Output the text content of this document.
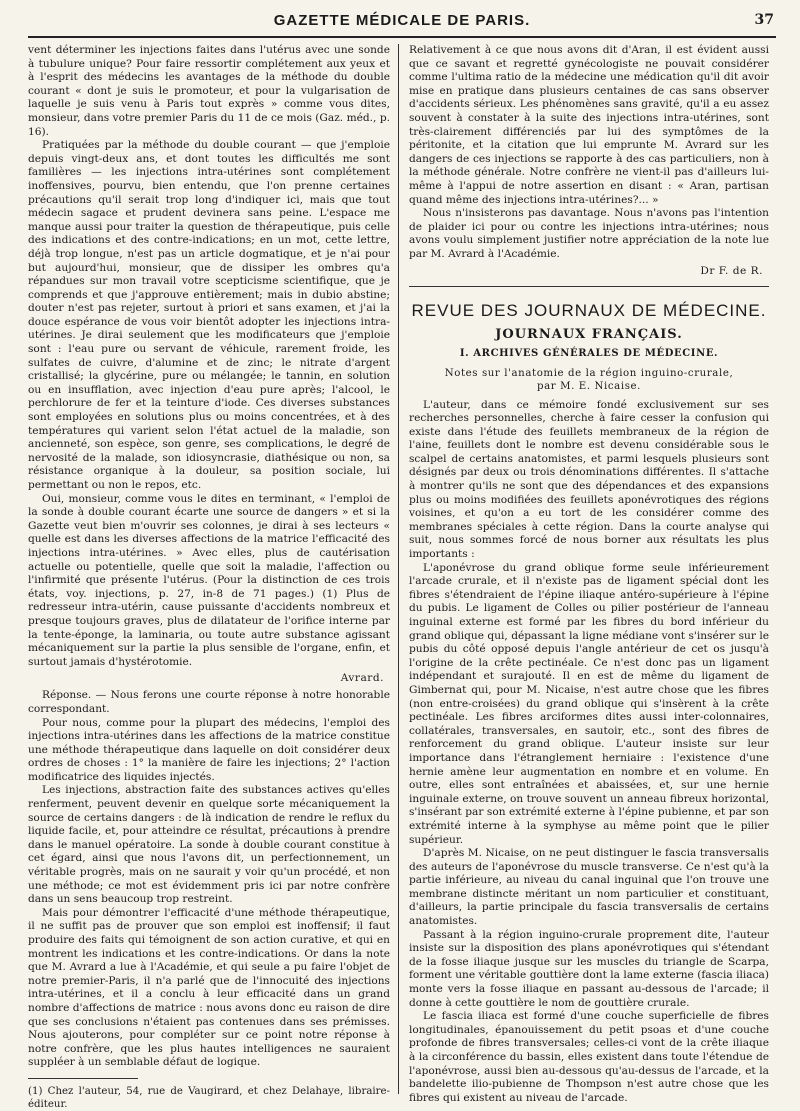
GAZETTE MÉDICALE DE PARIS.	37

vent déterminer les injections faites dans l'utérus avec une sonde à tubulure unique? Pour faire ressortir complétement aux yeux et à l'esprit des médecins les avantages de la méthode du double courant « dont je suis le promoteur, et pour la vulgarisation de laquelle je suis venu à Paris tout exprès » comme vous dites, monsieur, dans votre premier Paris du 11 de ce mois (Gaz. méd., p. 16).

Pratiquées par la méthode du double courant — que j'emploie depuis vingt-deux ans, et dont toutes les difficultés me sont familières — les injections intra-utérines sont complétement inoffensives, pourvu, bien entendu, que l'on prenne certaines précautions qu'il serait trop long d'indiquer ici, mais que tout médecin sagace et prudent devinera sans peine. L'espace me manque aussi pour traiter la question de thérapeutique, puis celle des indications et des contre-indications; en un mot, cette lettre, déjà trop longue, n'est pas un article dogmatique, et je n'ai pour but aujourd'hui, monsieur, que de dissiper les ombres qu'a répandues sur mon travail votre scepticisme scientifique, que je comprends et que j'approuve entièrement; mais in dubio abstine; douter n'est pas rejeter, surtout à priori et sans examen, et j'ai la douce espérance de vous voir bientôt adopter les injections intra-utérines. Je dirai seulement que les modificateurs que j'emploie sont : l'eau pure ou servant de véhicule, rarement froide, les sulfates de cuivre, d'alumine et de zinc; le nitrate d'argent cristallisé; la glycérine, pure ou mélangée; le tannin, en solution ou en insufflation, avec injection d'eau pure après; l'alcool, le perchlorure de fer et la teinture d'iode. Ces diverses substances sont employées en solutions plus ou moins concentrées, et à des températures qui varient selon l'état actuel de la maladie, son ancienneté, son espèce, son genre, ses complications, le degré de nervosité de la malade, son idiosyncrasie, diathésique ou non, sa résistance organique à la douleur, sa position sociale, lui permettant ou non le repos, etc.

Oui, monsieur, comme vous le dites en terminant, « l'emploi de la sonde à double courant écarte une source de dangers » et si la Gazette veut bien m'ouvrir ses colonnes, je dirai à ses lecteurs « quelle est dans les diverses affections de la matrice l'efficacité des injections intra-utérines. » Avec elles, plus de cautérisation actuelle ou potentielle, quelle que soit la maladie, l'affection ou l'infirmité que présente l'utérus. (Pour la distinction de ces trois états, voy. injections, p. 27, in-8 de 71 pages.) (1) Plus de redresseur intra-utérin, cause puissante d'accidents nombreux et presque toujours graves, plus de dilatateur de l'orifice interne par la tente-éponge, la laminaria, ou toute autre substance agissant mécaniquement sur la partie la plus sensible de l'organe, enfin, et surtout jamais d'hystérotomie.

Avrard.

Réponse. — Nous ferons une courte réponse à notre honorable correspondant.

Pour nous, comme pour la plupart des médecins, l'emploi des injections intra-utérines dans les affections de la matrice constitue une méthode thérapeutique dans laquelle on doit considérer deux ordres de choses : 1° la manière de faire les injections; 2° l'action modificatrice des liquides injectés.

Les injections, abstraction faite des substances actives qu'elles renferment, peuvent devenir en quelque sorte mécaniquement la source de certains dangers : de là indication de rendre le reflux du liquide facile, et, pour atteindre ce résultat, précautions à prendre dans le manuel opératoire. La sonde à double courant constitue à cet égard, ainsi que nous l'avons dit, un perfectionnement, un véritable progrès, mais on ne saurait y voir qu'un procédé, et non une méthode; ce mot est évidemment pris ici par notre confrère dans un sens beaucoup trop restreint.

Mais pour démontrer l'efficacité d'une méthode thérapeutique, il ne suffit pas de prouver que son emploi est inoffensif; il faut produire des faits qui témoignent de son action curative, et qui en montrent les indications et les contre-indications. Or dans la note que M. Avrard a lue à l'Académie, et qui seule a pu faire l'objet de notre premier-Paris, il n'a parlé que de l'innocuité des injections intra-utérines, et il a conclu à leur efficacité dans un grand nombre d'affections de matrice : nous avons donc eu raison de dire que ses conclusions n'étaient pas contenues dans ses prémisses. Nous ajouterons, pour compléter sur ce point notre réponse à notre confrère, que les plus hautes intelligences ne sauraient suppléer à un semblable défaut de logique.

(1) Chez l'auteur, 54, rue de Vaugirard, et chez Delahaye, libraire-éditeur.

Relativement à ce que nous avons dit d'Aran, il est évident aussi que ce savant et regretté gynécologiste ne pouvait considérer comme l'ultima ratio de la médecine une médication qu'il dit avoir mise en pratique dans plusieurs centaines de cas sans observer d'accidents sérieux. Les phénomènes sans gravité, qu'il a eu assez souvent à constater à la suite des injections intra-utérines, sont très-clairement différenciés par lui des symptômes de la péritonite, et la citation que lui emprunte M. Avrard sur les dangers de ces injections se rapporte à des cas particuliers, non à la méthode générale. Notre confrère ne vient-il pas d'ailleurs lui-même à l'appui de notre assertion en disant : « Aran, partisan quand même des injections intra-utérines?... »

Nous n'insisterons pas davantage. Nous n'avons pas l'intention de plaider ici pour ou contre les injections intra-utérines; nous avons voulu simplement justifier notre appréciation de la note lue par M. Avrard à l'Académie.

Dr F. de R.
REVUE DES JOURNAUX DE MÉDECINE.
JOURNAUX FRANÇAIS.
I. ARCHIVES GÉNÉRALES DE MÉDECINE.
Notes sur l'anatomie de la région inguino-crurale,
par M. E. Nicaise.

L'auteur, dans ce mémoire fondé exclusivement sur ses recherches personnelles, cherche à faire cesser la confusion qui existe dans l'étude des feuillets membraneux de la région de l'aine, feuillets dont le nombre est devenu considérable sous le scalpel de certains anatomistes, et parmi lesquels plusieurs sont désignés par deux ou trois dénominations différentes. Il s'attache à montrer qu'ils ne sont que des dépendances et des expansions plus ou moins modifiées des feuillets aponévrotiques des régions voisines, et qu'on a eu tort de les considérer comme des membranes spéciales à cette région. Dans la courte analyse qui suit, nous sommes forcé de nous borner aux résultats les plus importants :

L'aponévrose du grand oblique forme seule inférieurement l'arcade crurale, et il n'existe pas de ligament spécial dont les fibres s'étendraient de l'épine iliaque antéro-supérieure à l'épine du pubis. Le ligament de Colles ou pilier postérieur de l'anneau inguinal externe est formé par les fibres du bord inférieur du grand oblique qui, dépassant la ligne médiane vont s'insérer sur le pubis du côté opposé depuis l'angle antérieur de cet os jusqu'à l'origine de la crête pectinéale. Ce n'est donc pas un ligament indépendant et surajouté. Il en est de même du ligament de Gimbernat qui, pour M. Nicaise, n'est autre chose que les fibres (non entre-croisées) du grand oblique qui s'insèrent à la crête pectinéale. Les fibres arciformes dites aussi inter-colonnaires, collatérales, transversales, en sautoir, etc., sont des fibres de renforcement du grand oblique. L'auteur insiste sur leur importance dans l'étranglement herniaire : l'existence d'une hernie amène leur augmentation en nombre et en volume. En outre, elles sont entraînées et abaissées, et, sur une hernie inguinale externe, on trouve souvent un anneau fibreux horizontal, s'insérant par son extrémité externe à l'épine pubienne, et par son extrémité interne à la symphyse au même point que le pilier supérieur.

D'après M. Nicaise, on ne peut distinguer le fascia transversalis des auteurs de l'aponévrose du muscle transverse. Ce n'est qu'à la partie inférieure, au niveau du canal inguinal que l'on trouve une membrane distincte méritant un nom particulier et constituant, d'ailleurs, la partie principale du fascia transversalis de certains anatomistes.

Passant à la région inguino-crurale proprement dite, l'auteur insiste sur la disposition des plans aponévrotiques qui s'étendant de la fosse iliaque jusque sur les muscles du triangle de Scarpa, forment une véritable gouttière dont la lame externe (fascia iliaca) monte vers la fosse iliaque en passant au-dessous de l'arcade; il donne à cette gouttière le nom de gouttière crurale.

Le fascia iliaca est formé d'une couche superficielle de fibres longitudinales, épanouissement du petit psoas et d'une couche profonde de fibres transversales; celles-ci vont de la crête iliaque à la circonférence du bassin, elles existent dans toute l'étendue de l'aponévrose, aussi bien au-dessous qu'au-dessus de l'arcade, et la bandelette ilio-pubienne de Thompson n'est autre chose que les fibres qui existent au niveau de l'arcade.
